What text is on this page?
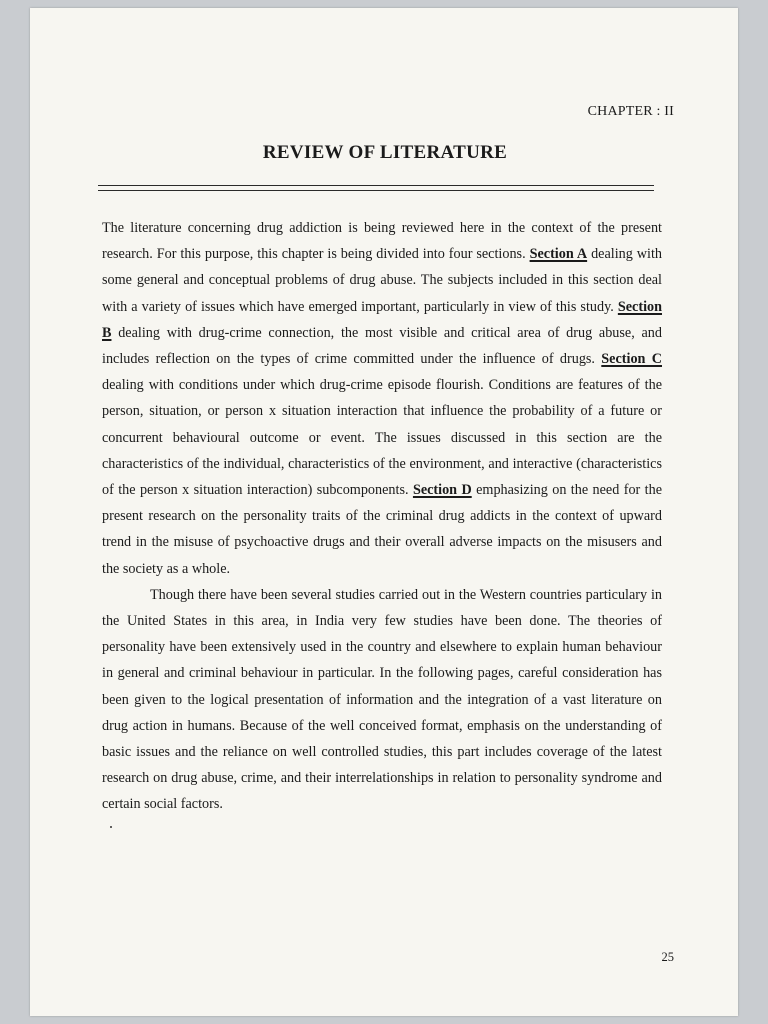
CHAPTER : II
REVIEW OF LITERATURE

The literature concerning drug addiction is being reviewed here in the context of the present research. For this purpose, this chapter is being divided into four sections. Section A dealing with some general and conceptual problems of drug abuse. The subjects included in this section deal with a variety of issues which have emerged important, particularly in view of this study. Section B dealing with drug-crime connection, the most visible and critical area of drug abuse, and includes reflection on the types of crime committed under the influence of drugs. Section C dealing with conditions under which drug-crime episode flourish. Conditions are features of the person, situation, or person x situation interaction that influence the probability of a future or concurrent behavioural outcome or event. The issues discussed in this section are the characteristics of the individual, characteristics of the environment, and interactive (characteristics of the person x situation interaction) subcomponents. Section D emphasizing on the need for the present research on the personality traits of the criminal drug addicts in the context of upward trend in the misuse of psychoactive drugs and their overall adverse impacts on the misusers and the society as a whole.

Though there have been several studies carried out in the Western countries particulary in the United States in this area, in India very few studies have been done. The theories of personality have been extensively used in the country and elsewhere to explain human behaviour in general and criminal behaviour in particular. In the following pages, careful consideration has been given to the logical presentation of information and the integration of a vast literature on drug action in humans. Because of the well conceived format, emphasis on the understanding of basic issues and the reliance on well controlled studies, this part includes coverage of the latest research on drug abuse, crime, and their interrelationships in relation to personality syndrome and certain social factors.

25
